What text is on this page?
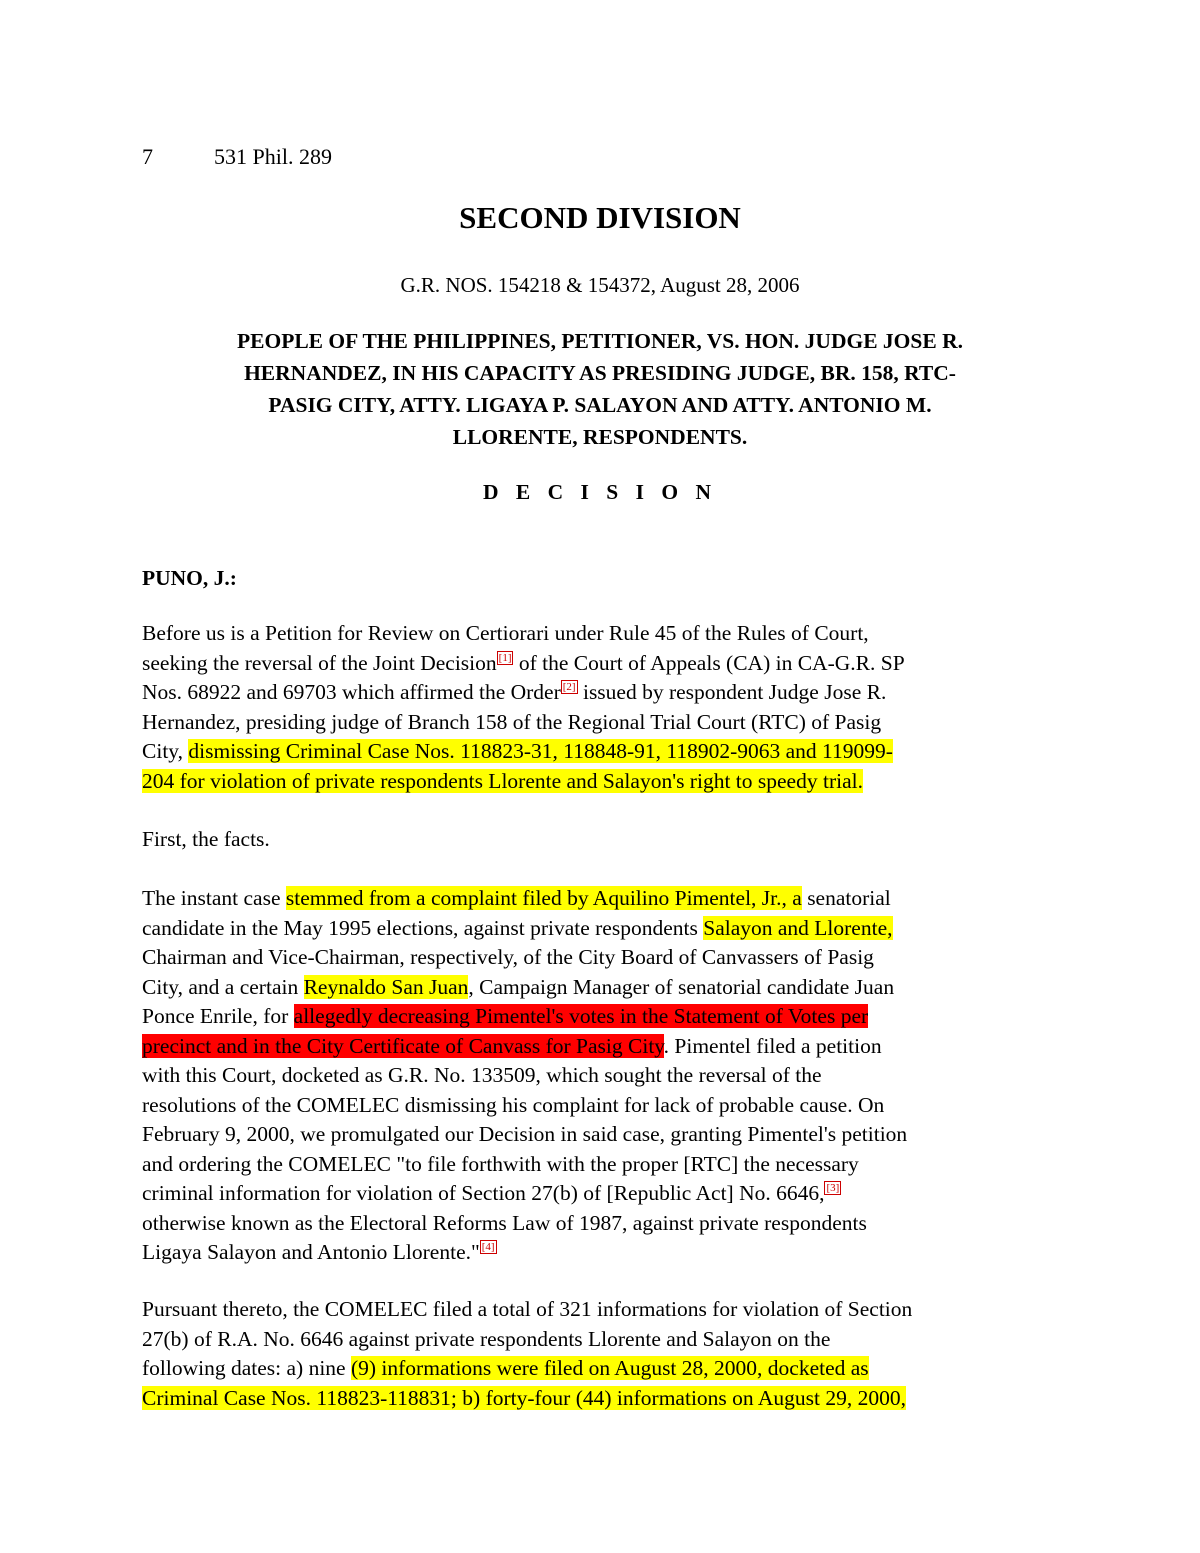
7	531 Phil. 289
SECOND DIVISION
G.R. NOS. 154218 & 154372, August 28, 2006
PEOPLE OF THE PHILIPPINES, PETITIONER, VS. HON. JUDGE JOSE R.
HERNANDEZ, IN HIS CAPACITY AS PRESIDING JUDGE, BR. 158, RTC-
PASIG CITY, ATTY. LIGAYA P. SALAYON AND ATTY. ANTONIO M.
LLORENTE, RESPONDENTS.
D E C I S I O N
PUNO, J.:
Before us is a Petition for Review on Certiorari under Rule 45 of the Rules of Court,
seeking the reversal of the Joint Decision [1] of the Court of Appeals (CA) in CA-G.R. SP
Nos. 68922 and 69703 which affirmed the Order [2] issued by respondent Judge Jose R.
Hernandez, presiding judge of Branch 158 of the Regional Trial Court (RTC) of Pasig
City, dismissing Criminal Case Nos. 118823-31, 118848-91, 118902-9063 and 119099-
204 for violation of private respondents Llorente and Salayon's right to speedy trial.
First, the facts.
The instant case stemmed from a complaint filed by Aquilino Pimentel, Jr., a senatorial
candidate in the May 1995 elections, against private respondents Salayon and Llorente,
Chairman and Vice-Chairman, respectively, of the City Board of Canvassers of Pasig
City, and a certain Reynaldo San Juan, Campaign Manager of senatorial candidate Juan
Ponce Enrile, for allegedly decreasing Pimentel's votes in the Statement of Votes per
precinct and in the City Certificate of Canvass for Pasig City. Pimentel filed a petition
with this Court, docketed as G.R. No. 133509, which sought the reversal of the
resolutions of the COMELEC dismissing his complaint for lack of probable cause. On
February 9, 2000, we promulgated our Decision in said case, granting Pimentel's petition
and ordering the COMELEC "to file forthwith with the proper [RTC] the necessary
criminal information for violation of Section 27(b) of [Republic Act] No. 6646, [3]
otherwise known as the Electoral Reforms Law of 1987, against private respondents
Ligaya Salayon and Antonio Llorente." [4]
Pursuant thereto, the COMELEC filed a total of 321 informations for violation of Section
27(b) of R.A. No. 6646 against private respondents Llorente and Salayon on the
following dates: a) nine (9) informations were filed on August 28, 2000, docketed as
Criminal Case Nos. 118823-118831; b) forty-four (44) informations on August 29, 2000,
